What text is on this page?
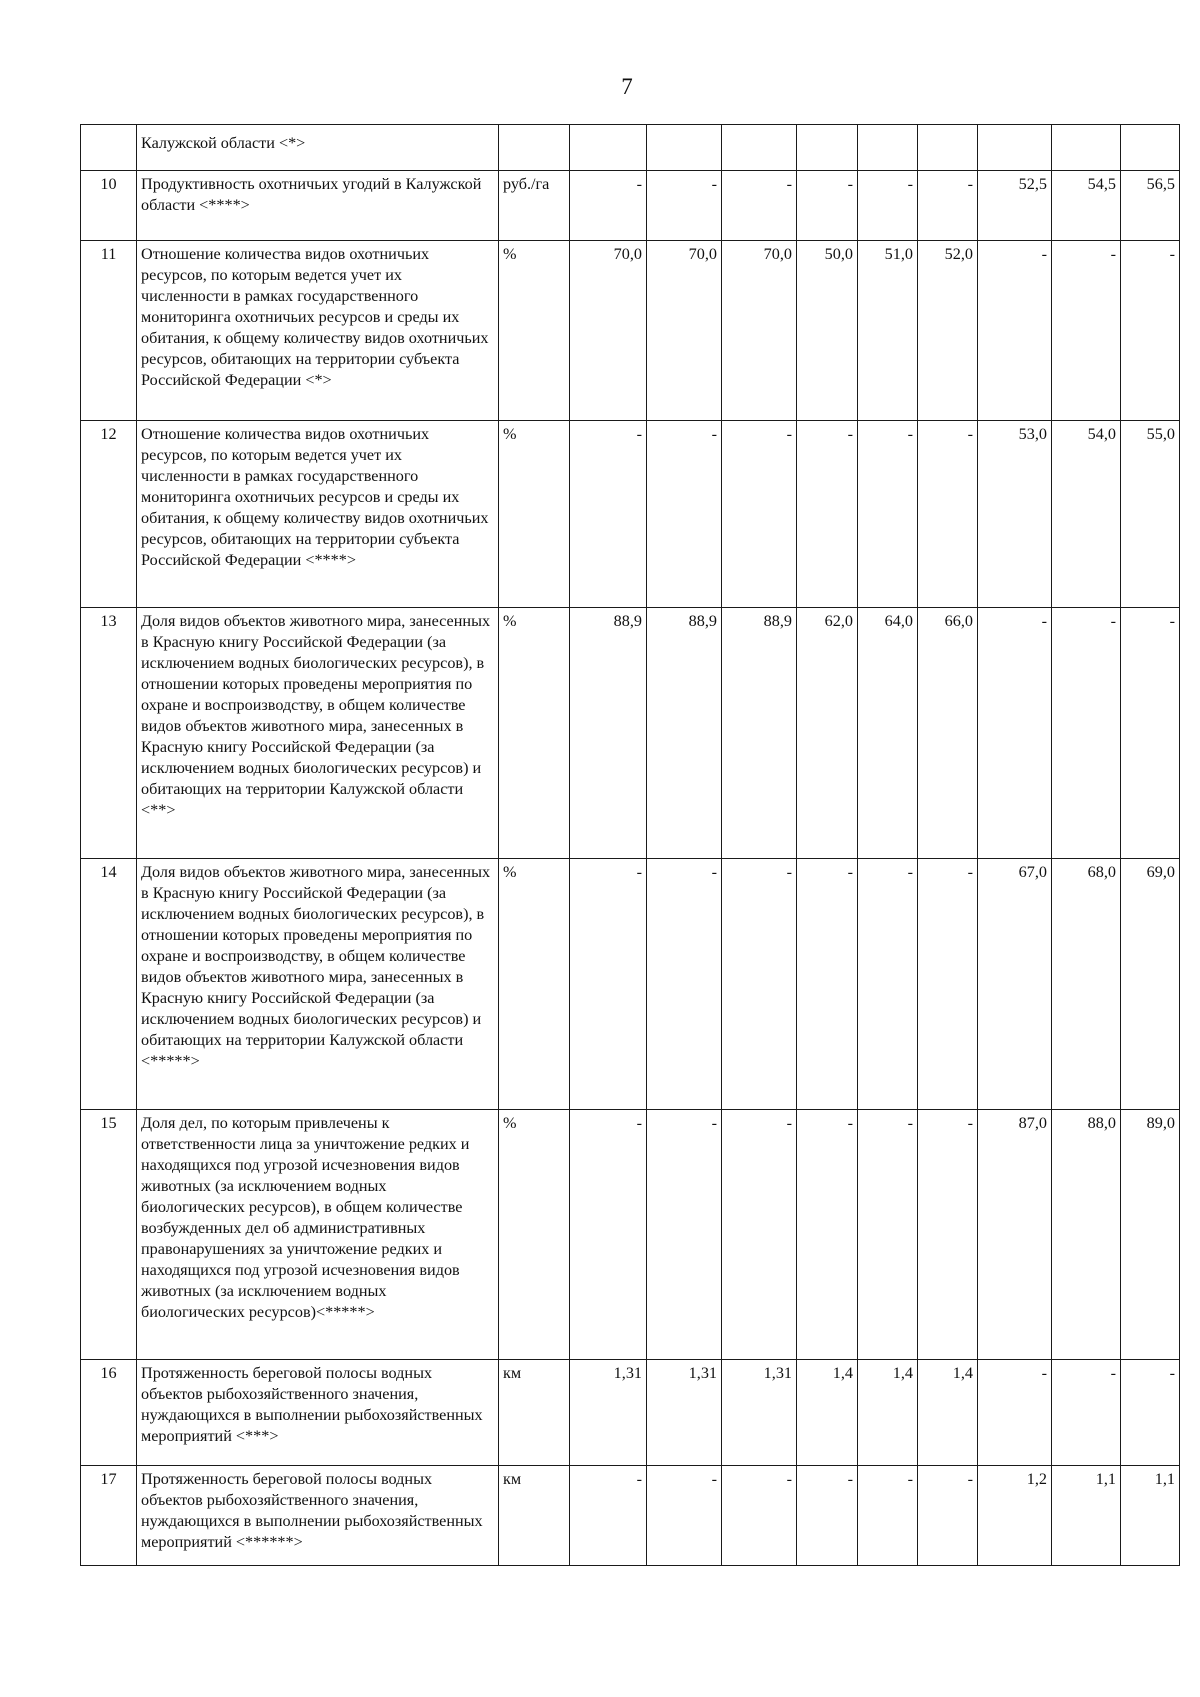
7
	Калужской области <*>										
10	Продуктивность охотничьих угодий в Калужской области <****>	руб./га	-	-	-	-	-	-	52,5	54,5	56,5
11	Отношение количества видов охотничьих ресурсов, по которым ведется учет их численности в рамках государственного мониторинга охотничьих ресурсов и среды их обитания, к общему количеству видов охотничьих ресурсов, обитающих на территории субъекта Российской Федерации <*>	%	70,0	70,0	70,0	50,0	51,0	52,0	-	-	-
12	Отношение количества видов охотничьих ресурсов, по которым ведется учет их численности в рамках государственного мониторинга охотничьих ресурсов и среды их обитания, к общему количеству видов охотничьих ресурсов, обитающих на территории субъекта Российской Федерации <****>	%	-	-	-	-	-	-	53,0	54,0	55,0
13	Доля видов объектов животного мира, занесенных в Красную книгу Российской Федерации (за исключением водных биологических ресурсов), в отношении которых проведены мероприятия по охране и воспроизводству, в общем количестве видов объектов животного мира, занесенных в Красную книгу Российской Федерации (за исключением водных биологических ресурсов) и обитающих на территории Калужской области <**>	%	88,9	88,9	88,9	62,0	64,0	66,0	-	-	-
14	Доля видов объектов животного мира, занесенных в Красную книгу Российской Федерации (за исключением водных биологических ресурсов), в отношении которых проведены мероприятия по охране и воспроизводству, в общем количестве видов объектов животного мира, занесенных в Красную книгу Российской Федерации (за исключением водных биологических ресурсов) и обитающих на территории Калужской области <*****>	%	-	-	-	-	-	-	67,0	68,0	69,0
15	Доля дел, по которым привлечены к ответственности лица за уничтожение редких и находящихся под угрозой исчезновения видов животных (за исключением водных биологических ресурсов), в общем количестве возбужденных дел об административных правонарушениях за уничтожение редких и находящихся под угрозой исчезновения видов животных (за исключением водных биологических ресурсов)<*****>	%	-	-	-	-	-	-	87,0	88,0	89,0
16	Протяженность береговой полосы водных объектов рыбохозяйственного значения, нуждающихся в выполнении рыбохозяйственных мероприятий <***>	км	1,31	1,31	1,31	1,4	1,4	1,4	-	-	-
17	Протяженность береговой полосы водных объектов рыбохозяйственного значения, нуждающихся в выполнении рыбохозяйственных мероприятий <******>	км	-	-	-	-	-	-	1,2	1,1	1,1
